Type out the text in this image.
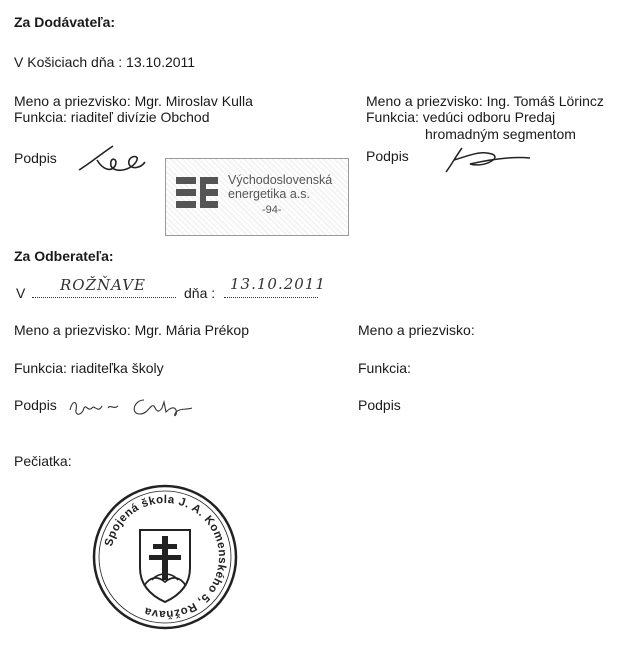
Za Dodávateľa:
V Košiciach dňa : 13.10.2011
Meno a priezvisko: Mgr. Miroslav Kulla
Funkcia: riaditeľ divízie Obchod
Podpis
Meno a priezvisko: Ing. Tomáš Lörincz
Funkcia: vedúci odboru Predaj
hromadným segmentom
Podpis
Východoslovenská
energetika a.s.
-94-
Za Odberateľa:
V ROŽŇAVE	dňa : 13.10.2011
Meno a priezvisko: Mgr. Mária Prékop
Funkcia: riaditeľka školy
Podpis
Meno a priezvisko:
Funkcia:
Podpis
Pečiatka:
Spojená škola J. A. Komenského 5, Rožňava
